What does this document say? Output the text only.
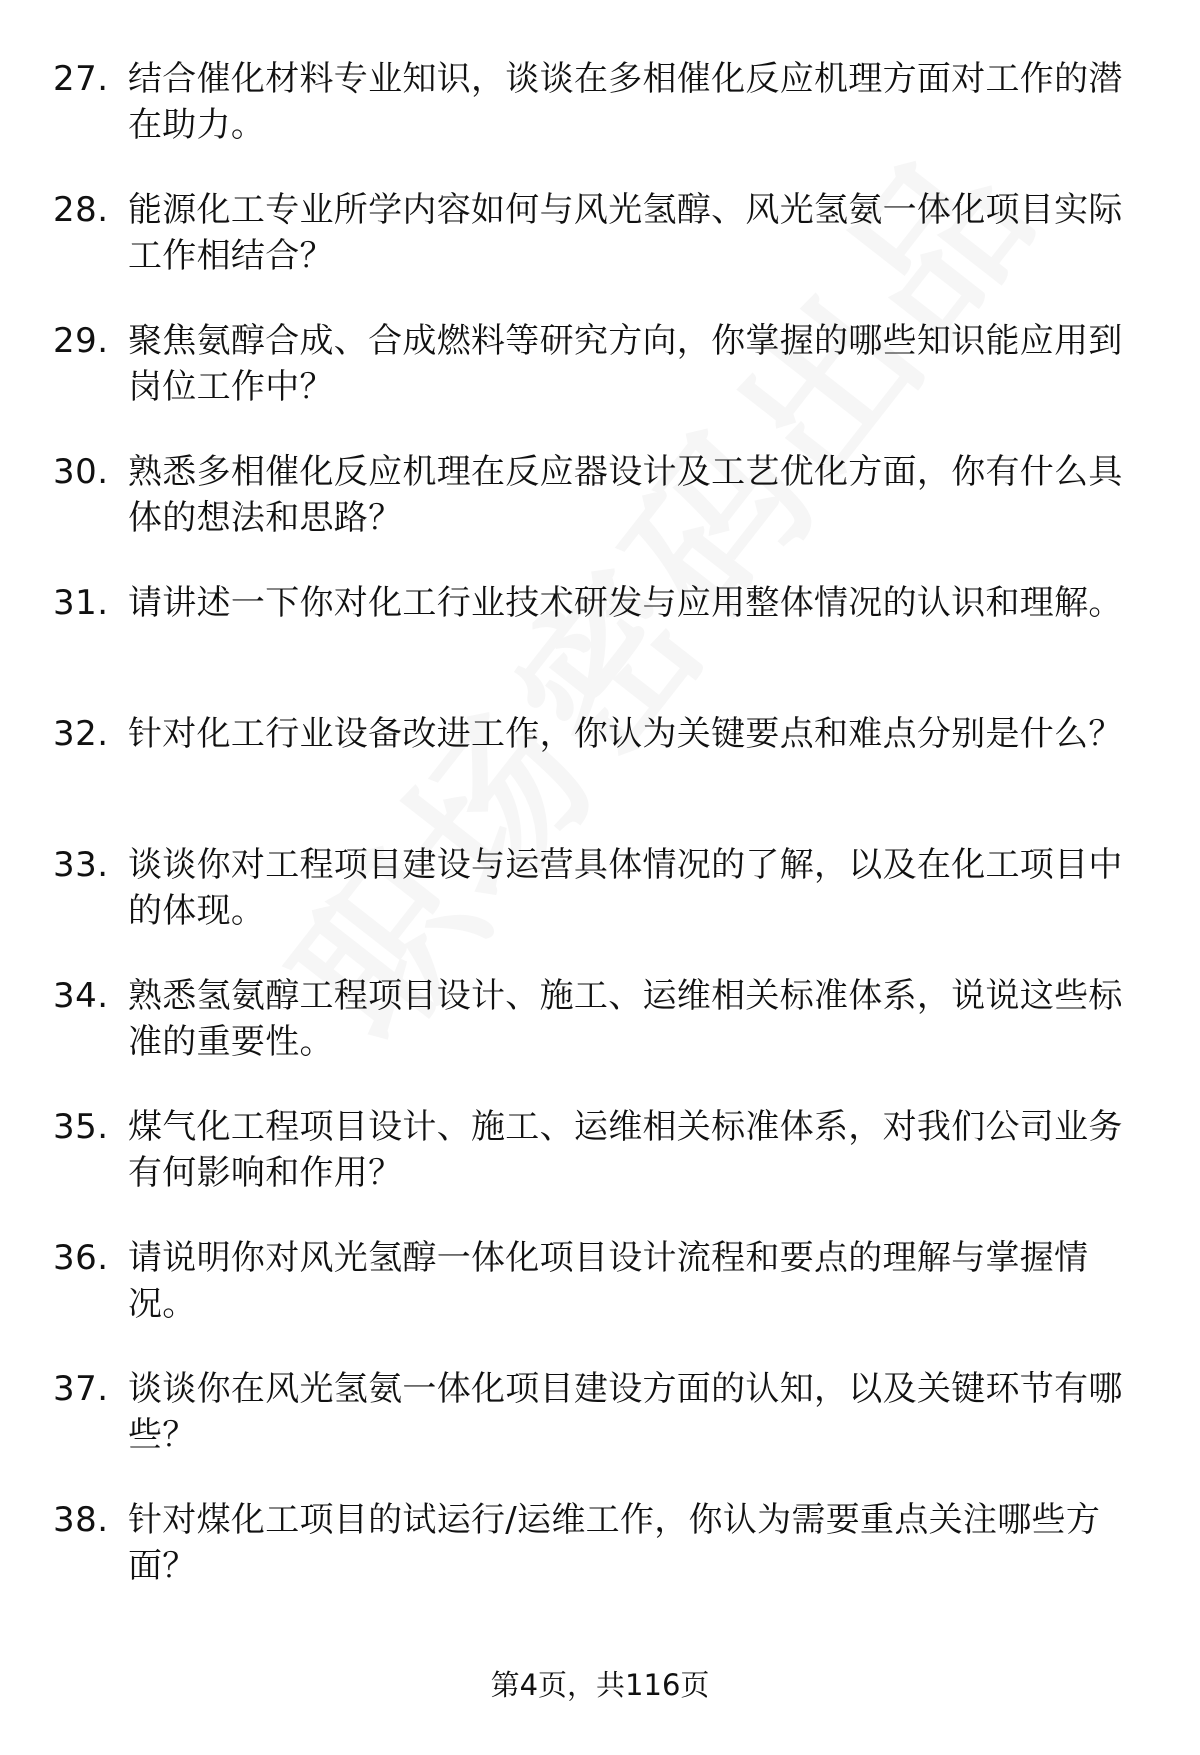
27. 结合催化材料专业知识，谈谈在多相催化反应机理方面对工作的潜在助力。
28. 能源化工专业所学内容如何与风光氢醇、风光氢氨一体化项目实际工作相结合？
29. 聚焦氨醇合成、合成燃料等研究方向，你掌握的哪些知识能应用到岗位工作中？
30. 熟悉多相催化反应机理在反应器设计及工艺优化方面，你有什么具体的想法和思路？
31. 请讲述一下你对化工行业技术研发与应用整体情况的认识和理解。
32. 针对化工行业设备改进工作，你认为关键要点和难点分别是什么？
33. 谈谈你对工程项目建设与运营具体情况的了解，以及在化工项目中的体现。
34. 熟悉氢氨醇工程项目设计、施工、运维相关标准体系，说说这些标准的重要性。
35. 煤气化工程项目设计、施工、运维相关标准体系，对我们公司业务有何影响和作用？
36. 请说明你对风光氢醇一体化项目设计流程和要点的理解与掌握情况。
37. 谈谈你在风光氢氨一体化项目建设方面的认知，以及关键环节有哪些？
38. 针对煤化工项目的试运行/运维工作，你认为需要重点关注哪些方面？
第4页，共116页
